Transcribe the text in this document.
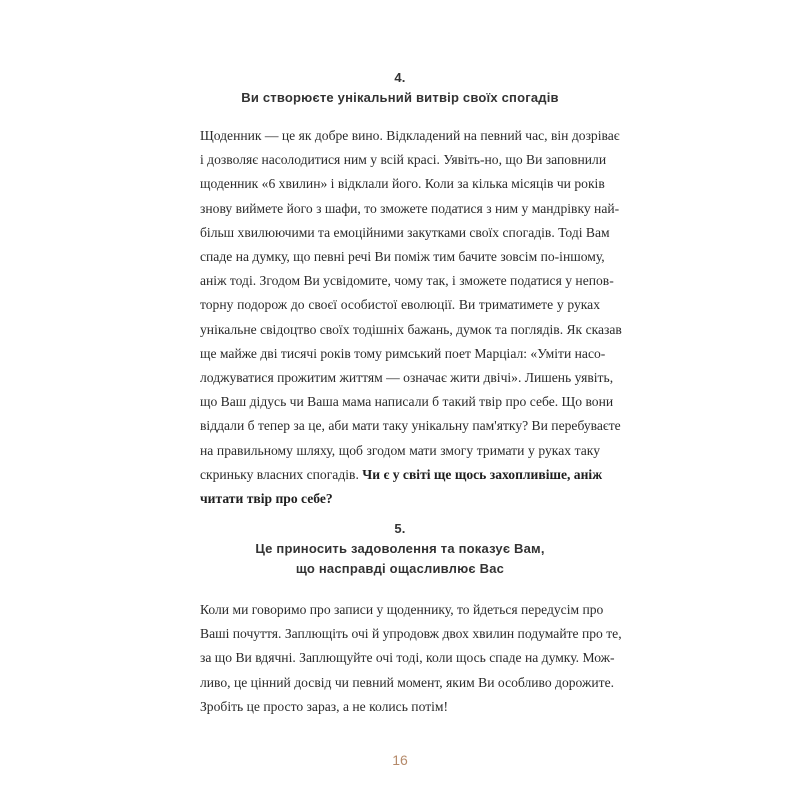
4.
Ви створюєте унікальний витвір своїх спогадів
Щоденник — це як добре вино. Відкладений на певний час, він дозріває
і дозволяє насолодитися ним у всій красі. Уявіть-но, що Ви заповнили
щоденник «6 хвилин» і відклали його. Коли за кілька місяців чи років
знову виймете його з шафи, то зможете податися з ним у мандрівку най-
більш хвилюючими та емоційними закутками своїх спогадів. Тоді Вам
спаде на думку, що певні речі Ви поміж тим бачите зовсім по-іншому,
аніж тоді. Згодом Ви усвідомите, чому так, і зможете податися у непов-
торну подорож до своєї особистої еволюції. Ви триматимете у руках
унікальне свідоцтво своїх тодішніх бажань, думок та поглядів. Як сказав
ще майже дві тисячі років тому римський поет Марціал: «Уміти насо-
лоджуватися прожитим життям — означає жити двічі». Лишень уявіть,
що Ваш дідусь чи Ваша мама написали б такий твір про себе. Що вони
віддали б тепер за це, аби мати таку унікальну пам'ятку? Ви перебуваєте
на правильному шляху, щоб згодом мати змогу тримати у руках таку
скриньку власних спогадів. Чи є у світі ще щось захопливіше, аніж
читати твір про себе?
5.
Це приносить задоволення та показує Вам,
що насправді ощасливлює Вас
Коли ми говоримо про записи у щоденнику, то йдеться передусім про
Ваші почуття. Заплющіть очі й упродовж двох хвилин подумайте про те,
за що Ви вдячні. Заплющуйте очі тоді, коли щось спаде на думку. Мож-
ливо, це цінний досвід чи певний момент, яким Ви особливо дорожите.
Зробіть це просто зараз, а не колись потім!
16
